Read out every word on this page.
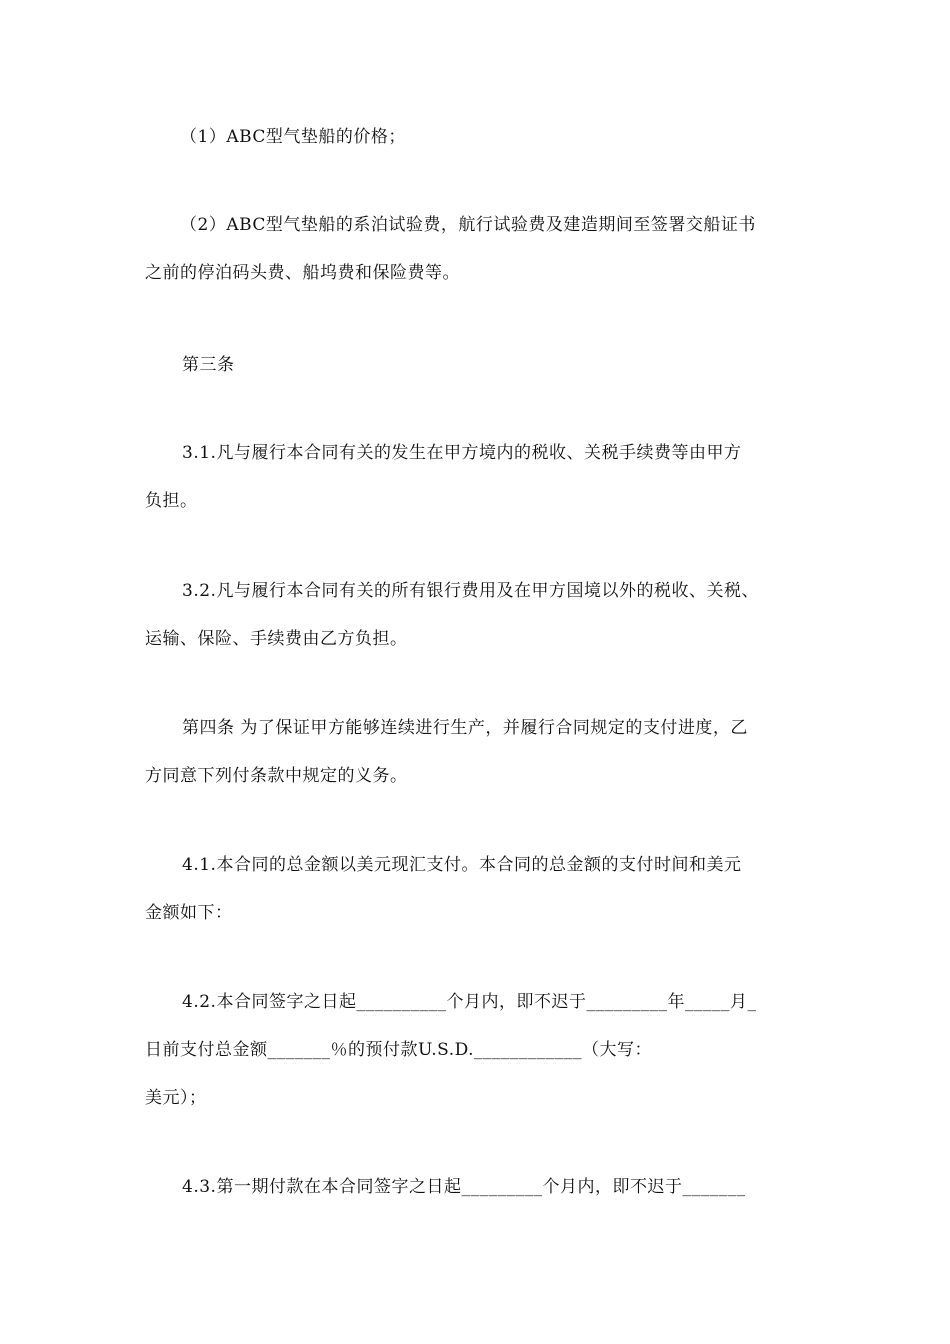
（1）ABC型气垫船的价格；
（2）ABC型气垫船的系泊试验费，航行试验费及建造期间至签署交船证书
之前的停泊码头费、船坞费和保险费等。
第三条
3.1.凡与履行本合同有关的发生在甲方境内的税收、关税手续费等由甲方
负担。
3.2.凡与履行本合同有关的所有银行费用及在甲方国境以外的税收、关税、
运输、保险、手续费由乙方负担。
第四条 为了保证甲方能够连续进行生产，并履行合同规定的支付进度，乙
方同意下列付条款中规定的义务。
4.1.本合同的总金额以美元现汇支付。本合同的总金额的支付时间和美元
金额如下：
4.2.本合同签字之日起__________个月内，即不迟于_________年_____月_
日前支付总金额_______％的预付款U.S.D.____________（大写：
美元）；
4.3.第一期付款在本合同签字之日起_________个月内，即不迟于_______
